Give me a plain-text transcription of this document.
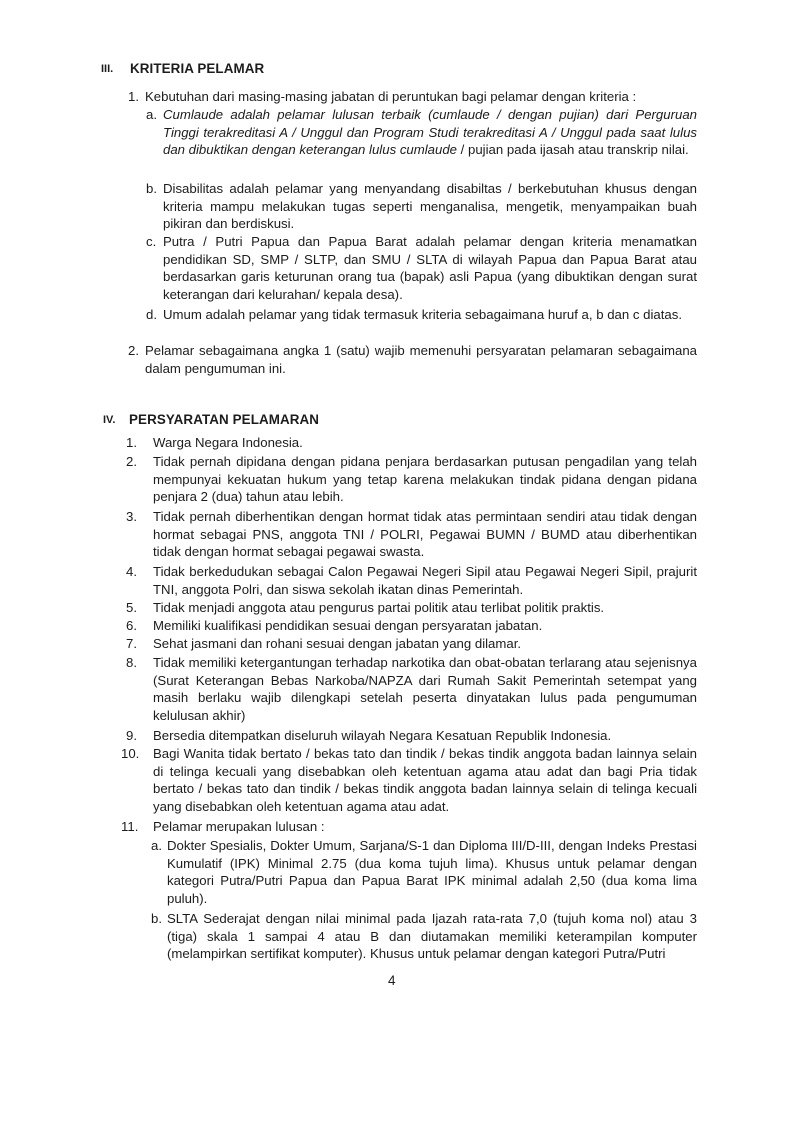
III. KRITERIA PELAMAR
1. Kebutuhan dari masing-masing jabatan di peruntukan bagi pelamar dengan kriteria :
a. Cumlaude adalah pelamar lulusan terbaik (cumlaude / dengan pujian) dari Perguruan Tinggi terakreditasi A / Unggul dan Program Studi terakreditasi A / Unggul pada saat lulus dan dibuktikan dengan keterangan lulus cumlaude / pujian pada ijasah atau transkrip nilai.
b. Disabilitas adalah pelamar yang menyandang disabiltas / berkebutuhan khusus dengan kriteria mampu melakukan tugas seperti menganalisa, mengetik, menyampaikan buah pikiran dan berdiskusi.
c. Putra / Putri Papua dan Papua Barat adalah pelamar dengan kriteria menamatkan pendidikan SD, SMP / SLTP, dan SMU / SLTA di wilayah Papua dan Papua Barat atau berdasarkan garis keturunan orang tua (bapak) asli Papua (yang dibuktikan dengan surat keterangan dari kelurahan/ kepala desa).
d. Umum adalah pelamar yang tidak termasuk kriteria sebagaimana huruf a, b dan c diatas.
2. Pelamar sebagaimana angka 1 (satu) wajib memenuhi persyaratan pelamaran sebagaimana dalam pengumuman ini.
IV. PERSYARATAN PELAMARAN
1. Warga Negara Indonesia.
2. Tidak pernah dipidana dengan pidana penjara berdasarkan putusan pengadilan yang telah mempunyai kekuatan hukum yang tetap karena melakukan tindak pidana dengan pidana penjara 2 (dua) tahun atau lebih.
3. Tidak pernah diberhentikan dengan hormat tidak atas permintaan sendiri atau tidak dengan hormat sebagai PNS, anggota TNI / POLRI, Pegawai BUMN / BUMD atau diberhentikan tidak dengan hormat sebagai pegawai swasta.
4. Tidak berkedudukan sebagai Calon Pegawai Negeri Sipil atau Pegawai Negeri Sipil, prajurit TNI, anggota Polri, dan siswa sekolah ikatan dinas Pemerintah.
5. Tidak menjadi anggota atau pengurus partai politik atau terlibat politik praktis.
6. Memiliki kualifikasi pendidikan sesuai dengan persyaratan jabatan.
7. Sehat jasmani dan rohani sesuai dengan jabatan yang dilamar.
8. Tidak memiliki ketergantungan terhadap narkotika dan obat-obatan terlarang atau sejenisnya (Surat Keterangan Bebas Narkoba/NAPZA dari Rumah Sakit Pemerintah setempat yang masih berlaku wajib dilengkapi setelah peserta dinyatakan lulus pada pengumuman kelulusan akhir)
9. Bersedia ditempatkan diseluruh wilayah Negara Kesatuan Republik Indonesia.
10. Bagi Wanita tidak bertato / bekas tato dan tindik / bekas tindik anggota badan lainnya selain di telinga kecuali yang disebabkan oleh ketentuan agama atau adat dan bagi Pria tidak bertato / bekas tato dan tindik / bekas tindik anggota badan lainnya selain di telinga kecuali yang disebabkan oleh ketentuan agama atau adat.
11. Pelamar merupakan lulusan :
a. Dokter Spesialis, Dokter Umum, Sarjana/S-1 dan Diploma III/D-III, dengan Indeks Prestasi Kumulatif (IPK) Minimal 2.75 (dua koma tujuh lima). Khusus untuk pelamar dengan kategori Putra/Putri Papua dan Papua Barat IPK minimal adalah 2,50 (dua koma lima puluh).
b. SLTA Sederajat dengan nilai minimal pada Ijazah rata-rata 7,0 (tujuh koma nol) atau 3 (tiga) skala 1 sampai 4 atau B dan diutamakan memiliki keterampilan komputer (melampirkan sertifikat komputer). Khusus untuk pelamar dengan kategori Putra/Putri
4
